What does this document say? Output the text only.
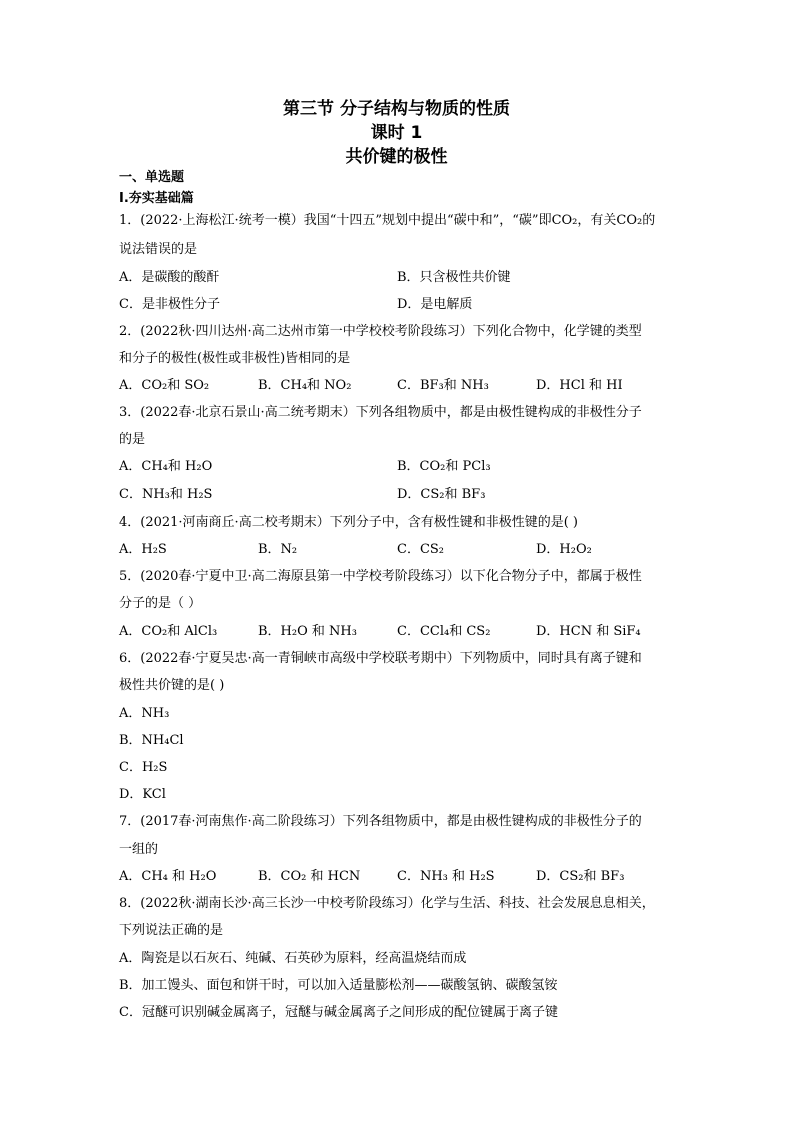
第三节 分子结构与物质的性质
课时 1
共价键的极性
一、单选题
Ⅰ.夯实基础篇
1．(2022·上海松江·统考一模）我国“十四五”规划中提出“碳中和”，“碳”即CO₂，有关CO₂的
说法错误的是
A．是碳酸的酸酐	B．只含极性共价键
C．是非极性分子	D．是电解质
2．(2022秋·四川达州·高二达州市第一中学校校考阶段练习）下列化合物中，化学键的类型
和分子的极性(极性或非极性)皆相同的是
A．CO₂和 SO₂	B．CH₄和 NO₂	C．BF₃和 NH₃	D．HCl 和 HI
3．(2022春·北京石景山·高二统考期末）下列各组物质中，都是由极性键构成的非极性分子
的是
A．CH₄和 H₂O	B．CO₂和 PCl₃
C．NH₃和 H₂S	D．CS₂和 BF₃
4．(2021·河南商丘·高二校考期末）下列分子中，含有极性键和非极性键的是( )
A．H₂S	B．N₂	C．CS₂	D．H₂O₂
5．(2020春·宁夏中卫·高二海原县第一中学校考阶段练习）以下化合物分子中，都属于极性
分子的是（ ）
A．CO₂和 AlCl₃	B．H₂O 和 NH₃	C．CCl₄和 CS₂	D．HCN 和 SiF₄
6．(2022春·宁夏吴忠·高一青铜峡市高级中学校联考期中）下列物质中，同时具有离子键和
极性共价键的是( )
A．NH₃
B．NH₄Cl
C．H₂S
D．KCl
7．(2017春·河南焦作·高二阶段练习）下列各组物质中，都是由极性键构成的非极性分子的
一组的
A．CH₄ 和 H₂O	B．CO₂ 和 HCN	C．NH₃ 和 H₂S	D．CS₂和 BF₃
8．(2022秋·湖南长沙·高三长沙一中校考阶段练习）化学与生活、科技、社会发展息息相关，
下列说法正确的是
A．陶瓷是以石灰石、纯碱、石英砂为原料，经高温烧结而成
B．加工馒头、面包和饼干时，可以加入适量膨松剂——碳酸氢钠、碳酸氢铵
C．冠醚可识别碱金属离子，冠醚与碱金属离子之间形成的配位键属于离子键
